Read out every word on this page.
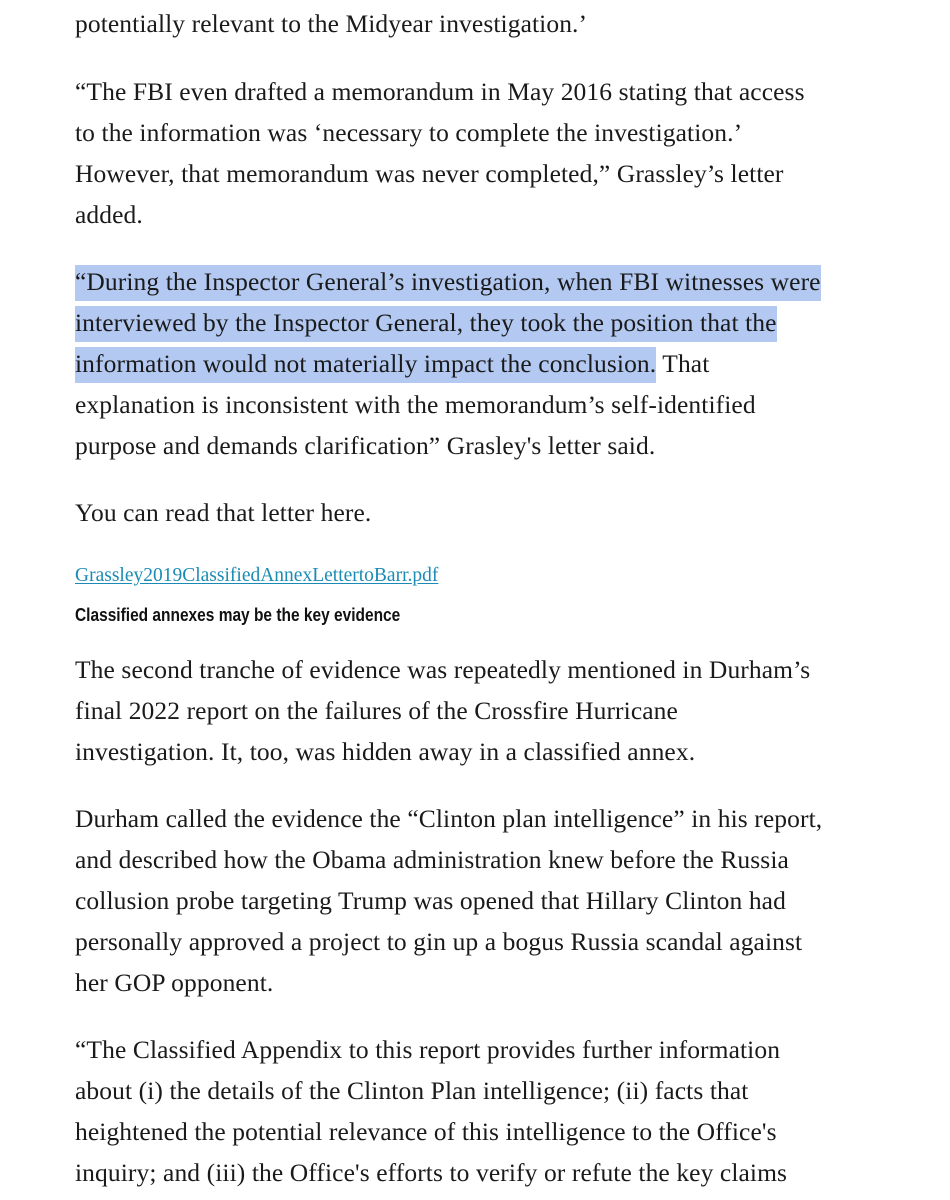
potentially relevant to the Midyear investigation.’

“The FBI even drafted a memorandum in May 2016 stating that access
to the information was ‘necessary to complete the investigation.’
However, that memorandum was never completed,” Grassley’s letter
added.

“During the Inspector General’s investigation, when FBI witnesses were
interviewed by the Inspector General, they took the position that the
information would not materially impact the conclusion. That
explanation is inconsistent with the memorandum’s self-identified
purpose and demands clarification” Grasley's letter said.

You can read that letter here.

Grassley2019ClassifiedAnnexLettertoBarr.pdf
Classified annexes may be the key evidence

The second tranche of evidence was repeatedly mentioned in Durham’s
final 2022 report on the failures of the Crossfire Hurricane
investigation. It, too, was hidden away in a classified annex.

Durham called the evidence the “Clinton plan intelligence” in his report,
and described how the Obama administration knew before the Russia
collusion probe targeting Trump was opened that Hillary Clinton had
personally approved a project to gin up a bogus Russia scandal against
her GOP opponent.

“The Classified Appendix to this report provides further information
about (i) the details of the Clinton Plan intelligence; (ii) facts that
heightened the potential relevance of this intelligence to the Office's
inquiry; and (iii) the Office's efforts to verify or refute the key claims
